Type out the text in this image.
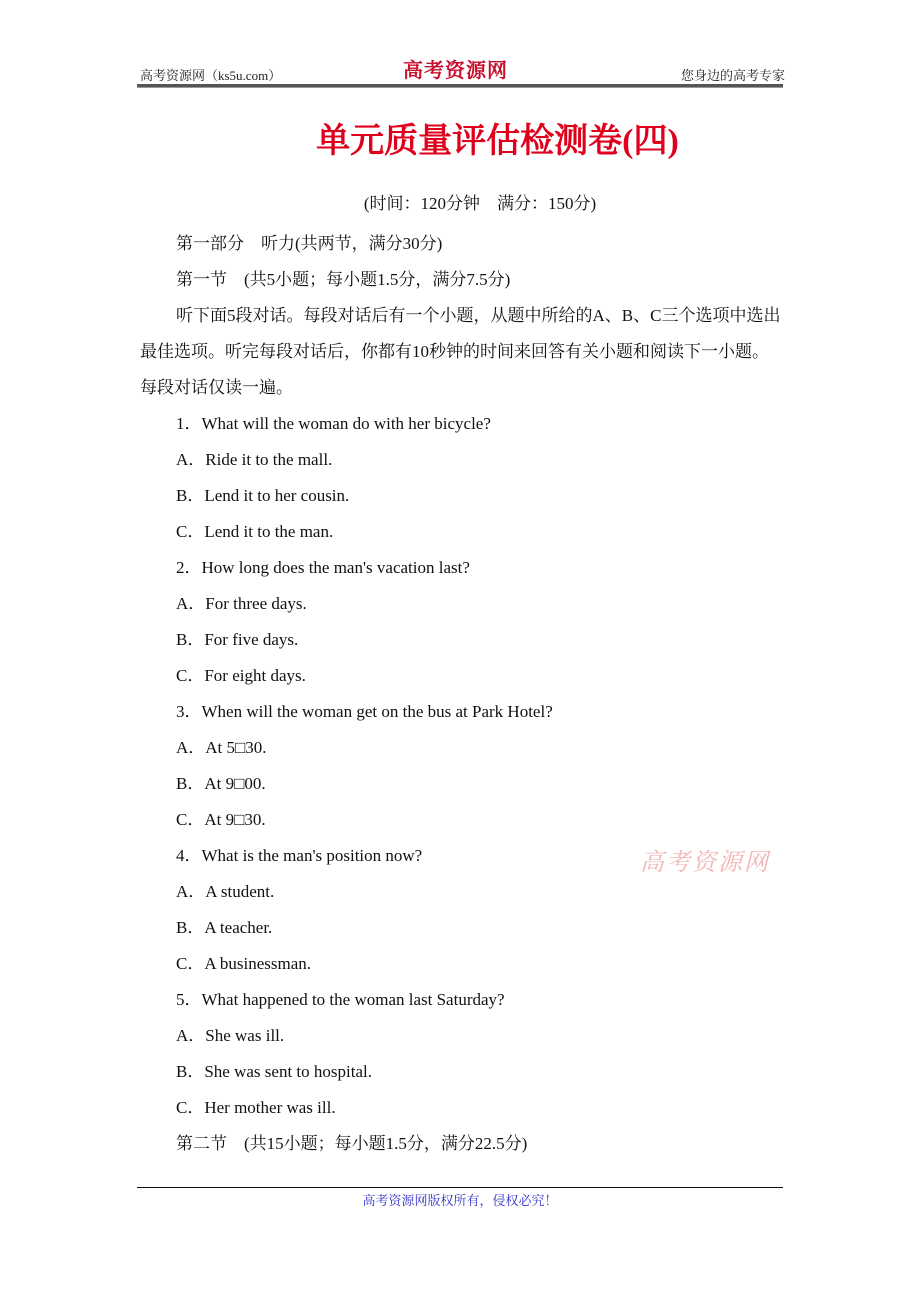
高考资源网（ks5u.com）	高考资源网	您身边的高考专家
单元质量评估检测卷(四)
(时间：120分钟　满分：150分)
第一部分　听力(共两节，满分30分)
第一节　(共5小题；每小题1.5分，满分7.5分)
听下面5段对话。每段对话后有一个小题，从题中所给的A、B、C三个选项中选出最佳选项。听完每段对话后，你都有10秒钟的时间来回答有关小题和阅读下一小题。每段对话仅读一遍。
1．What will the woman do with her bicycle?
A．Ride it to the mall.
B．Lend it to her cousin.
C．Lend it to the man.
2．How long does the man's vacation last?
A．For three days.
B．For five days.
C．For eight days.
3．When will the woman get on the bus at Park Hotel?
A．At 5□30.
B．At 9□00.
C．At 9□30.
4．What is the man's position now?
A．A student.
B．A teacher.
C．A businessman.
5．What happened to the woman last Saturday?
A．She was ill.
B．She was sent to hospital.
C．Her mother was ill.
第二节　(共15小题；每小题1.5分，满分22.5分)
高考资源网
高考资源网版权所有，侵权必究！
